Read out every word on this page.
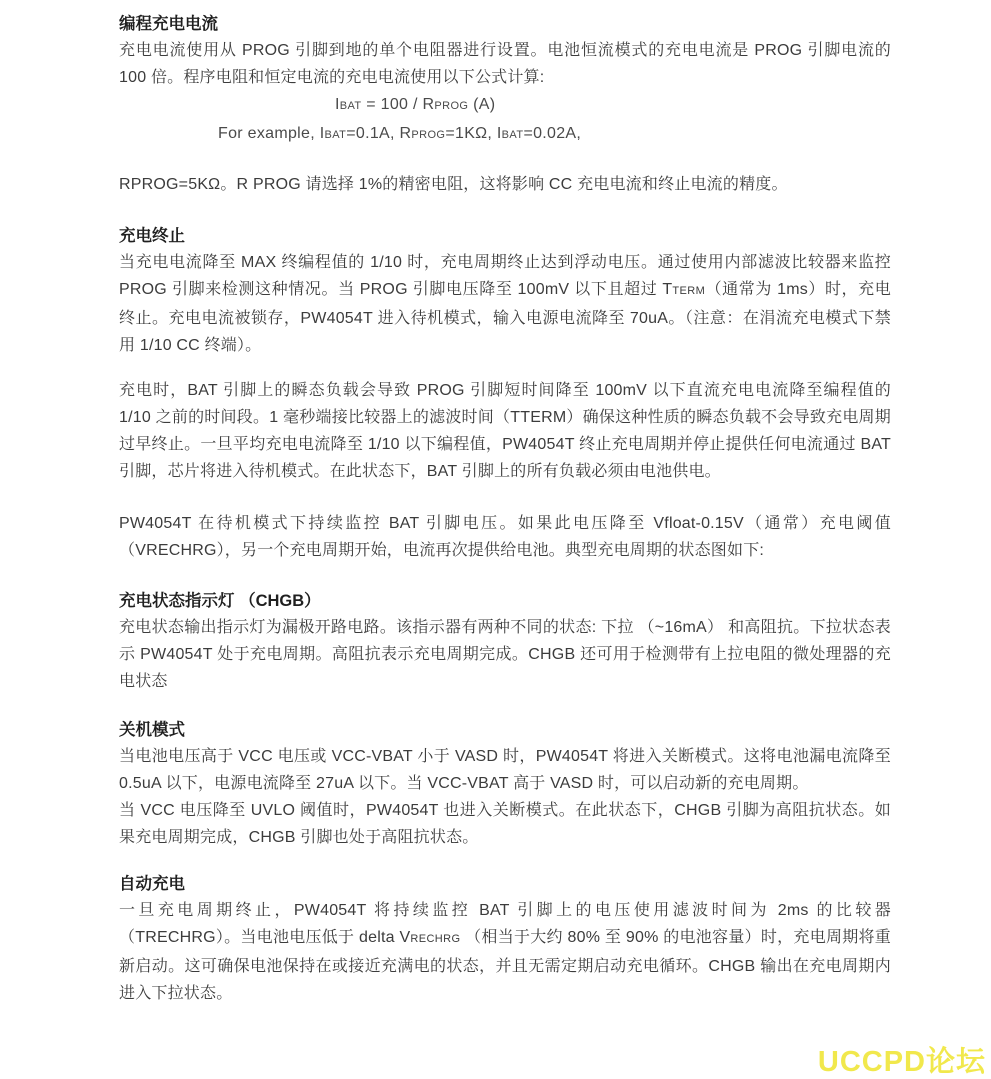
编程充电电流

充电电流使用从 PROG 引脚到地的单个电阻器进行设置。电池恒流模式的充电电流是 PROG 引脚电流的 100 倍。程序电阻和恒定电流的充电电流使用以下公式计算:

IBAT = 100 / RPROG (A)

For example, IBAT=0.1A, RPROG=1KΩ, IBAT=0.02A,

RPROG=5KΩ。R PROG 请选择 1%的精密电阻，这将影响 CC 充电电流和终止电流的精度。

充电终止

当充电电流降至 MAX 终编程值的 1/10 时，充电周期终止达到浮动电压。通过使用内部滤波比较器来监控 PROG 引脚来检测这种情况。当 PROG 引脚电压降至 100mV 以下且超过 TTERM（通常为 1ms）时，充电终止。充电电流被锁存，PW4054T 进入待机模式，输入电源电流降至 70uA。（注意：在涓流充电模式下禁用 1/10 CC 终端）。

充电时，BAT 引脚上的瞬态负载会导致 PROG 引脚短时间降至 100mV 以下直流充电电流降至编程值的 1/10 之前的时间段。1 毫秒端接比较器上的滤波时间（TTERM）确保这种性质的瞬态负载不会导致充电周期过早终止。一旦平均充电电流降至 1/10 以下编程值，PW4054T 终止充电周期并停止提供任何电流通过 BAT 引脚，芯片将进入待机模式。在此状态下，BAT 引脚上的所有负载必须由电池供电。

PW4054T 在待机模式下持续监控 BAT 引脚电压。如果此电压降至 Vfloat-0.15V（通常）充电阈值（VRECHRG），另一个充电周期开始，电流再次提供给电池。典型充电周期的状态图如下:

充电状态指示灯 （CHGB）

充电状态输出指示灯为漏极开路电路。该指示器有两种不同的状态: 下拉 （~16mA） 和高阻抗。下拉状态表示 PW4054T 处于充电周期。高阻抗表示充电周期完成。CHGB 还可用于检测带有上拉电阻的微处理器的充电状态

关机模式

当电池电压高于 VCC 电压或 VCC-VBAT 小于 VASD 时，PW4054T 将进入关断模式。这将电池漏电流降至 0.5uA 以下，电源电流降至 27uA 以下。当 VCC-VBAT 高于 VASD 时，可以启动新的充电周期。

当 VCC 电压降至 UVLO 阈值时，PW4054T 也进入关断模式。在此状态下，CHGB 引脚为高阻抗状态。如果充电周期完成，CHGB 引脚也处于高阻抗状态。

自动充电

一旦充电周期终止，PW4054T 将持续监控 BAT 引脚上的电压使用滤波时间为 2ms 的比较器（TRECHRG）。当电池电压低于 delta VRECHRG （相当于大约 80% 至 90% 的电池容量）时，充电周期将重新启动。这可确保电池保持在或接近充满电的状态，并且无需定期启动充电循环。CHGB 输出在充电周期内进入下拉状态。

UCCPD论坛
